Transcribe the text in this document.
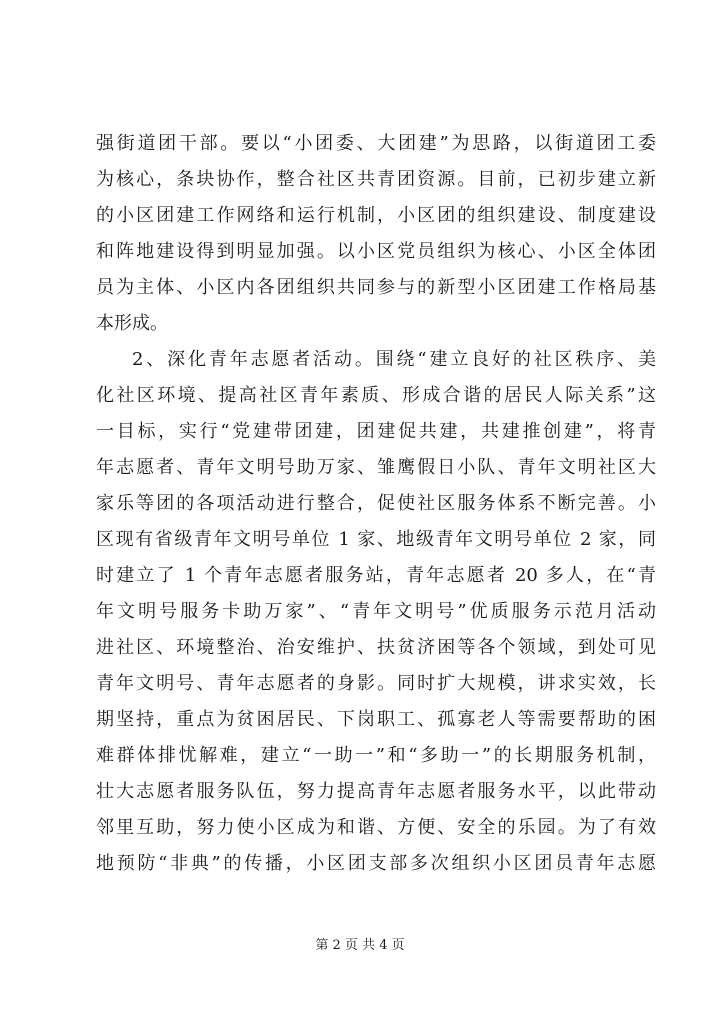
强街道团干部。要以“小团委、大团建”为思路，以街道团工委
为核心，条块协作，整合社区共青团资源。目前，已初步建立新
的小区团建工作网络和运行机制，小区团的组织建设、制度建设
和阵地建设得到明显加强。以小区党员组织为核心、小区全体团
员为主体、小区内各团组织共同参与的新型小区团建工作格局基
本形成。
2、深化青年志愿者活动。围绕“建立良好的社区秩序、美
化社区环境、提高社区青年素质、形成合谐的居民人际关系”这
一目标，实行“党建带团建，团建促共建，共建推创建”，将青
年志愿者、青年文明号助万家、雏鹰假日小队、青年文明社区大
家乐等团的各项活动进行整合，促使社区服务体系不断完善。小
区现有省级青年文明号单位 1 家、地级青年文明号单位 2 家，同
时建立了 1 个青年志愿者服务站，青年志愿者 20 多人，在“青
年文明号服务卡助万家”、“青年文明号”优质服务示范月活动
进社区、环境整治、治安维护、扶贫济困等各个领域，到处可见
青年文明号、青年志愿者的身影。同时扩大规模，讲求实效，长
期坚持，重点为贫困居民、下岗职工、孤寡老人等需要帮助的困
难群体排忧解难，建立“一助一”和“多助一”的长期服务机制，
壮大志愿者服务队伍，努力提高青年志愿者服务水平，以此带动
邻里互助，努力使小区成为和谐、方便、安全的乐园。为了有效
地预防“非典”的传播，小区团支部多次组织小区团员青年志愿
第 2 页 共 4 页
